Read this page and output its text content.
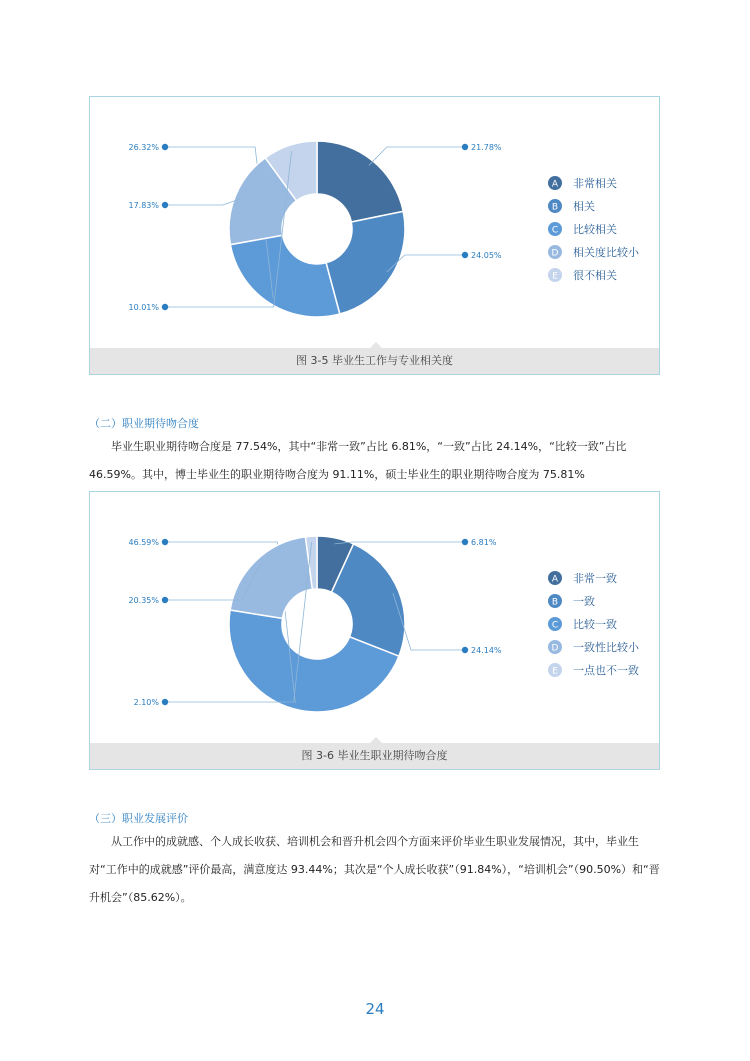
21.78%
24.05%
26.32%
17.83%
10.01%
A 非常相关
B 相关
C 比较相关
D 相关度比较小
E 很不相关
图 3-5 毕业生工作与专业相关度
（二）职业期待吻合度
毕业生职业期待吻合度是 77.54%，其中“非常一致”占比 6.81%，“一致”占比 24.14%，“比较一致”占比 46.59%。其中，博士毕业生的职业期待吻合度为 91.11%，硕士毕业生的职业期待吻合度为 75.81%
6.81%
24.14%
46.59%
20.35%
2.10%
A 非常一致
B 一致
C 比较一致
D 一致性比较小
E 一点也不一致
图 3-6 毕业生职业期待吻合度
（三）职业发展评价
从工作中的成就感、个人成长收获、培训机会和晋升机会四个方面来评价毕业生职业发展情况，其中，毕业生对“工作中的成就感”评价最高，满意度达 93.44%；其次是“个人成长收获”（91.84%），“培训机会”（90.50%）和“晋升机会”（85.62%）。
24
